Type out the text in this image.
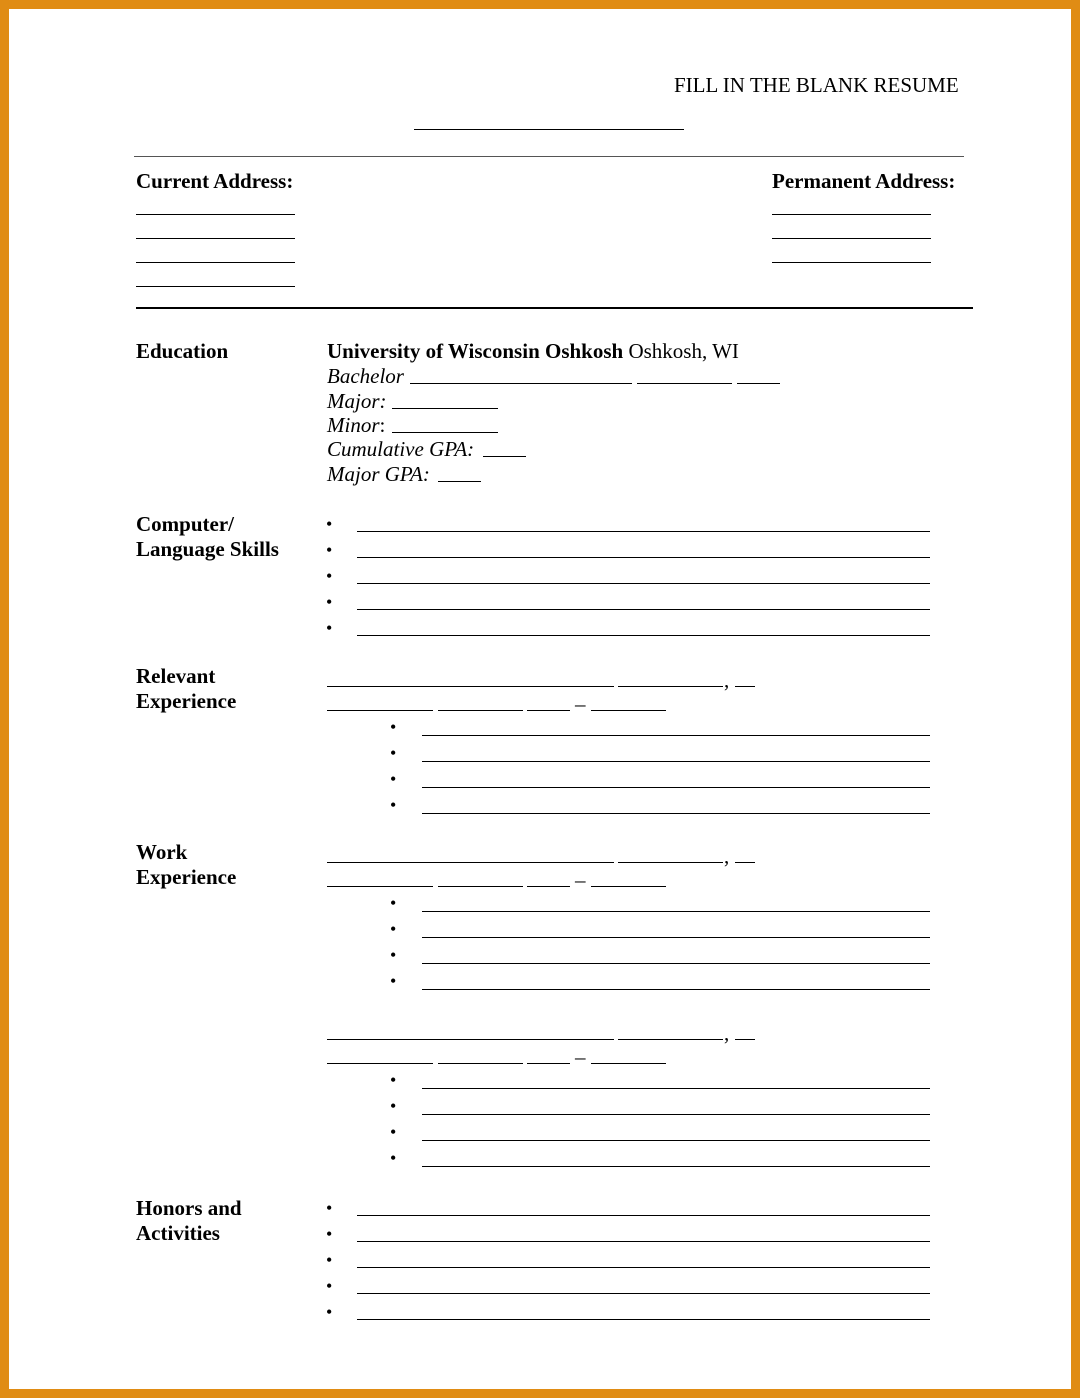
FILL IN THE BLANK RESUME
Current Address:	Permanent Address:
Education	University of Wisconsin Oshkosh Oshkosh, WI
Bachelor
Major:
Minor:
Cumulative GPA:
Major GPA:
Computer/
Language Skills
•
•
•
•
•
Relevant
Experience
,
–
•
•
•
•
Work
Experience
,
–
•
•
•
•
,
–
•
•
•
•
Honors and
Activities
•
•
•
•
•
